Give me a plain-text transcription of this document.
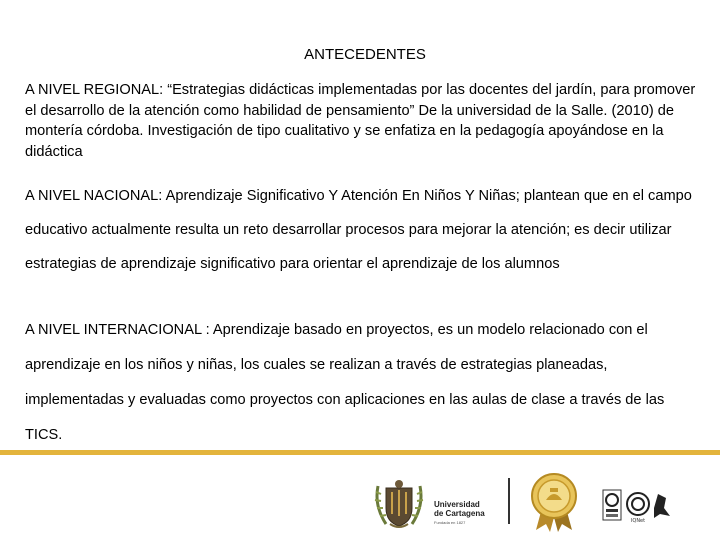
ANTECEDENTES

A NIVEL REGIONAL: “Estrategias didácticas implementadas por las docentes del jardín, para promover el desarrollo de la atención como habilidad de pensamiento” De la universidad de la Salle. (2010) de montería córdoba. Investigación de tipo cualitativo y se enfatiza en la pedagogía apoyándose en la didáctica

A NIVEL NACIONAL: Aprendizaje Significativo Y Atención En Niños Y Niñas; plantean que en el campo educativo actualmente resulta un reto desarrollar procesos para mejorar la atención; es decir utilizar estrategias de aprendizaje significativo para orientar el aprendizaje de los alumnos

A NIVEL INTERNACIONAL : Aprendizaje basado en proyectos, es un modelo relacionado con el aprendizaje en los niños y niñas, los cuales se realizan a través de estrategias planeadas, implementadas y evaluadas como proyectos con aplicaciones en las aulas de clase a través de las TICS.

Universidad
de Cartagena
Fundada en 1827	IQNet
